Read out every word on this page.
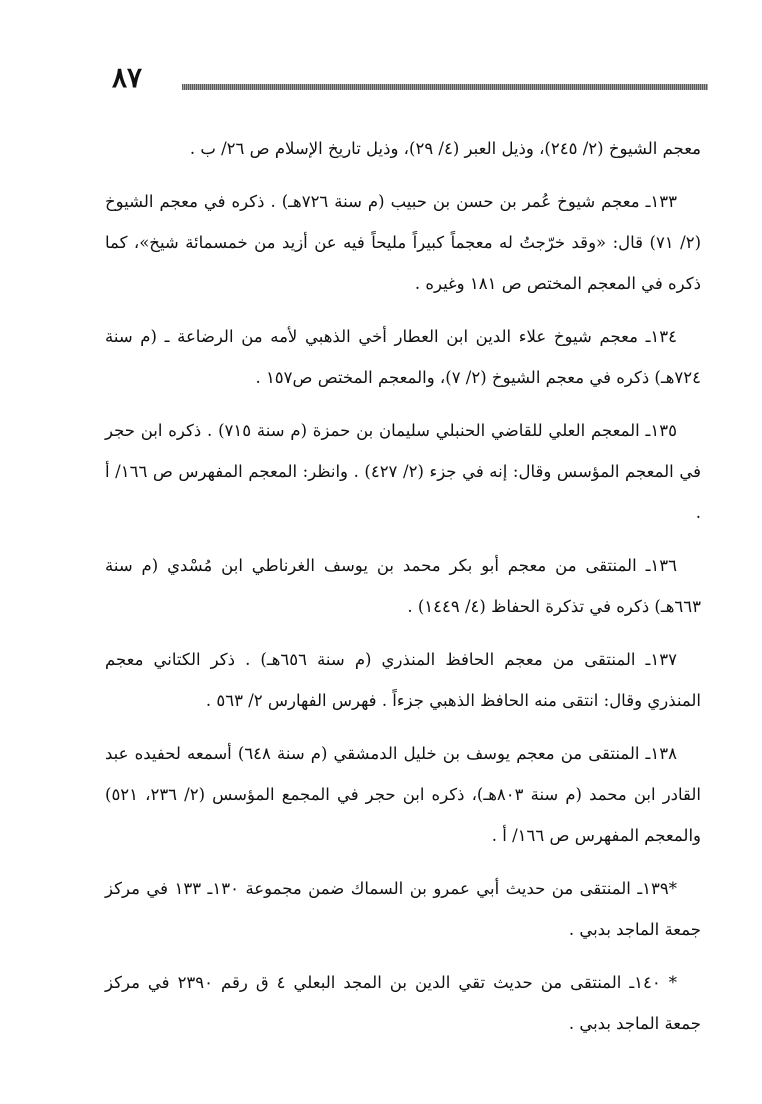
٨٧

معجم الشيوخ (٢/ ٢٤٥)، وذيل العبر (٤/ ٢٩)، وذيل تاريخ الإسلام ص ٢٦/ ب .

١٣٣ـ معجم شيوخ عُمر بن حسن بن حبيب (م سنة ٧٢٦هـ) . ذكره في معجم الشيوخ (٢/ ٧١) قال: «وقد خرّجتُ له معجماً كبيراً مليحاً فيه عن أزيد من خمسمائة شيخ»، كما ذكره في المعجم المختص ص ١٨١ وغيره .

١٣٤ـ معجم شيوخ علاء الدين ابن العطار أخي الذهبي لأمه من الرضاعة ـ (م سنة ٧٢٤هـ) ذكره في معجم الشيوخ (٢/ ٧)، والمعجم المختص ص١٥٧ .

١٣٥ـ المعجم العلي للقاضي الحنبلي سليمان بن حمزة (م سنة ٧١٥) . ذكره ابن حجر في المعجم المؤسس وقال: إنه في جزء (٢/ ٤٢٧) . وانظر: المعجم المفهرس ص ١٦٦/ أ .

١٣٦ـ المنتقى من معجم أبو بكر محمد بن يوسف الغرناطي ابن مُسْدي (م سنة ٦٦٣هـ) ذكره في تذكرة الحفاظ (٤/ ١٤٤٩) .

١٣٧ـ المنتقى من معجم الحافظ المنذري (م سنة ٦٥٦هـ) . ذكر الكتاني معجم المنذري وقال: انتقى منه الحافظ الذهبي جزءاً . فهرس الفهارس ٢/ ٥٦٣ .

١٣٨ـ المنتقى من معجم يوسف بن خليل الدمشقي (م سنة ٦٤٨) أسمعه لحفيده عبد القادر ابن محمد (م سنة ٨٠٣هـ)، ذكره ابن حجر في المجمع المؤسس (٢/ ٢٣٦، ٥٢١) والمعجم المفهرس ص ١٦٦/ أ .

*١٣٩ـ المنتقى من حديث أبي عمرو بن السماك ضمن مجموعة ١٣٠ـ ١٣٣ في مركز جمعة الماجد بدبي .

* ١٤٠ـ المنتقى من حديث تقي الدين بن المجد البعلي ٤ ق رقم ٢٣٩٠ في مركز جمعة الماجد بدبي .
